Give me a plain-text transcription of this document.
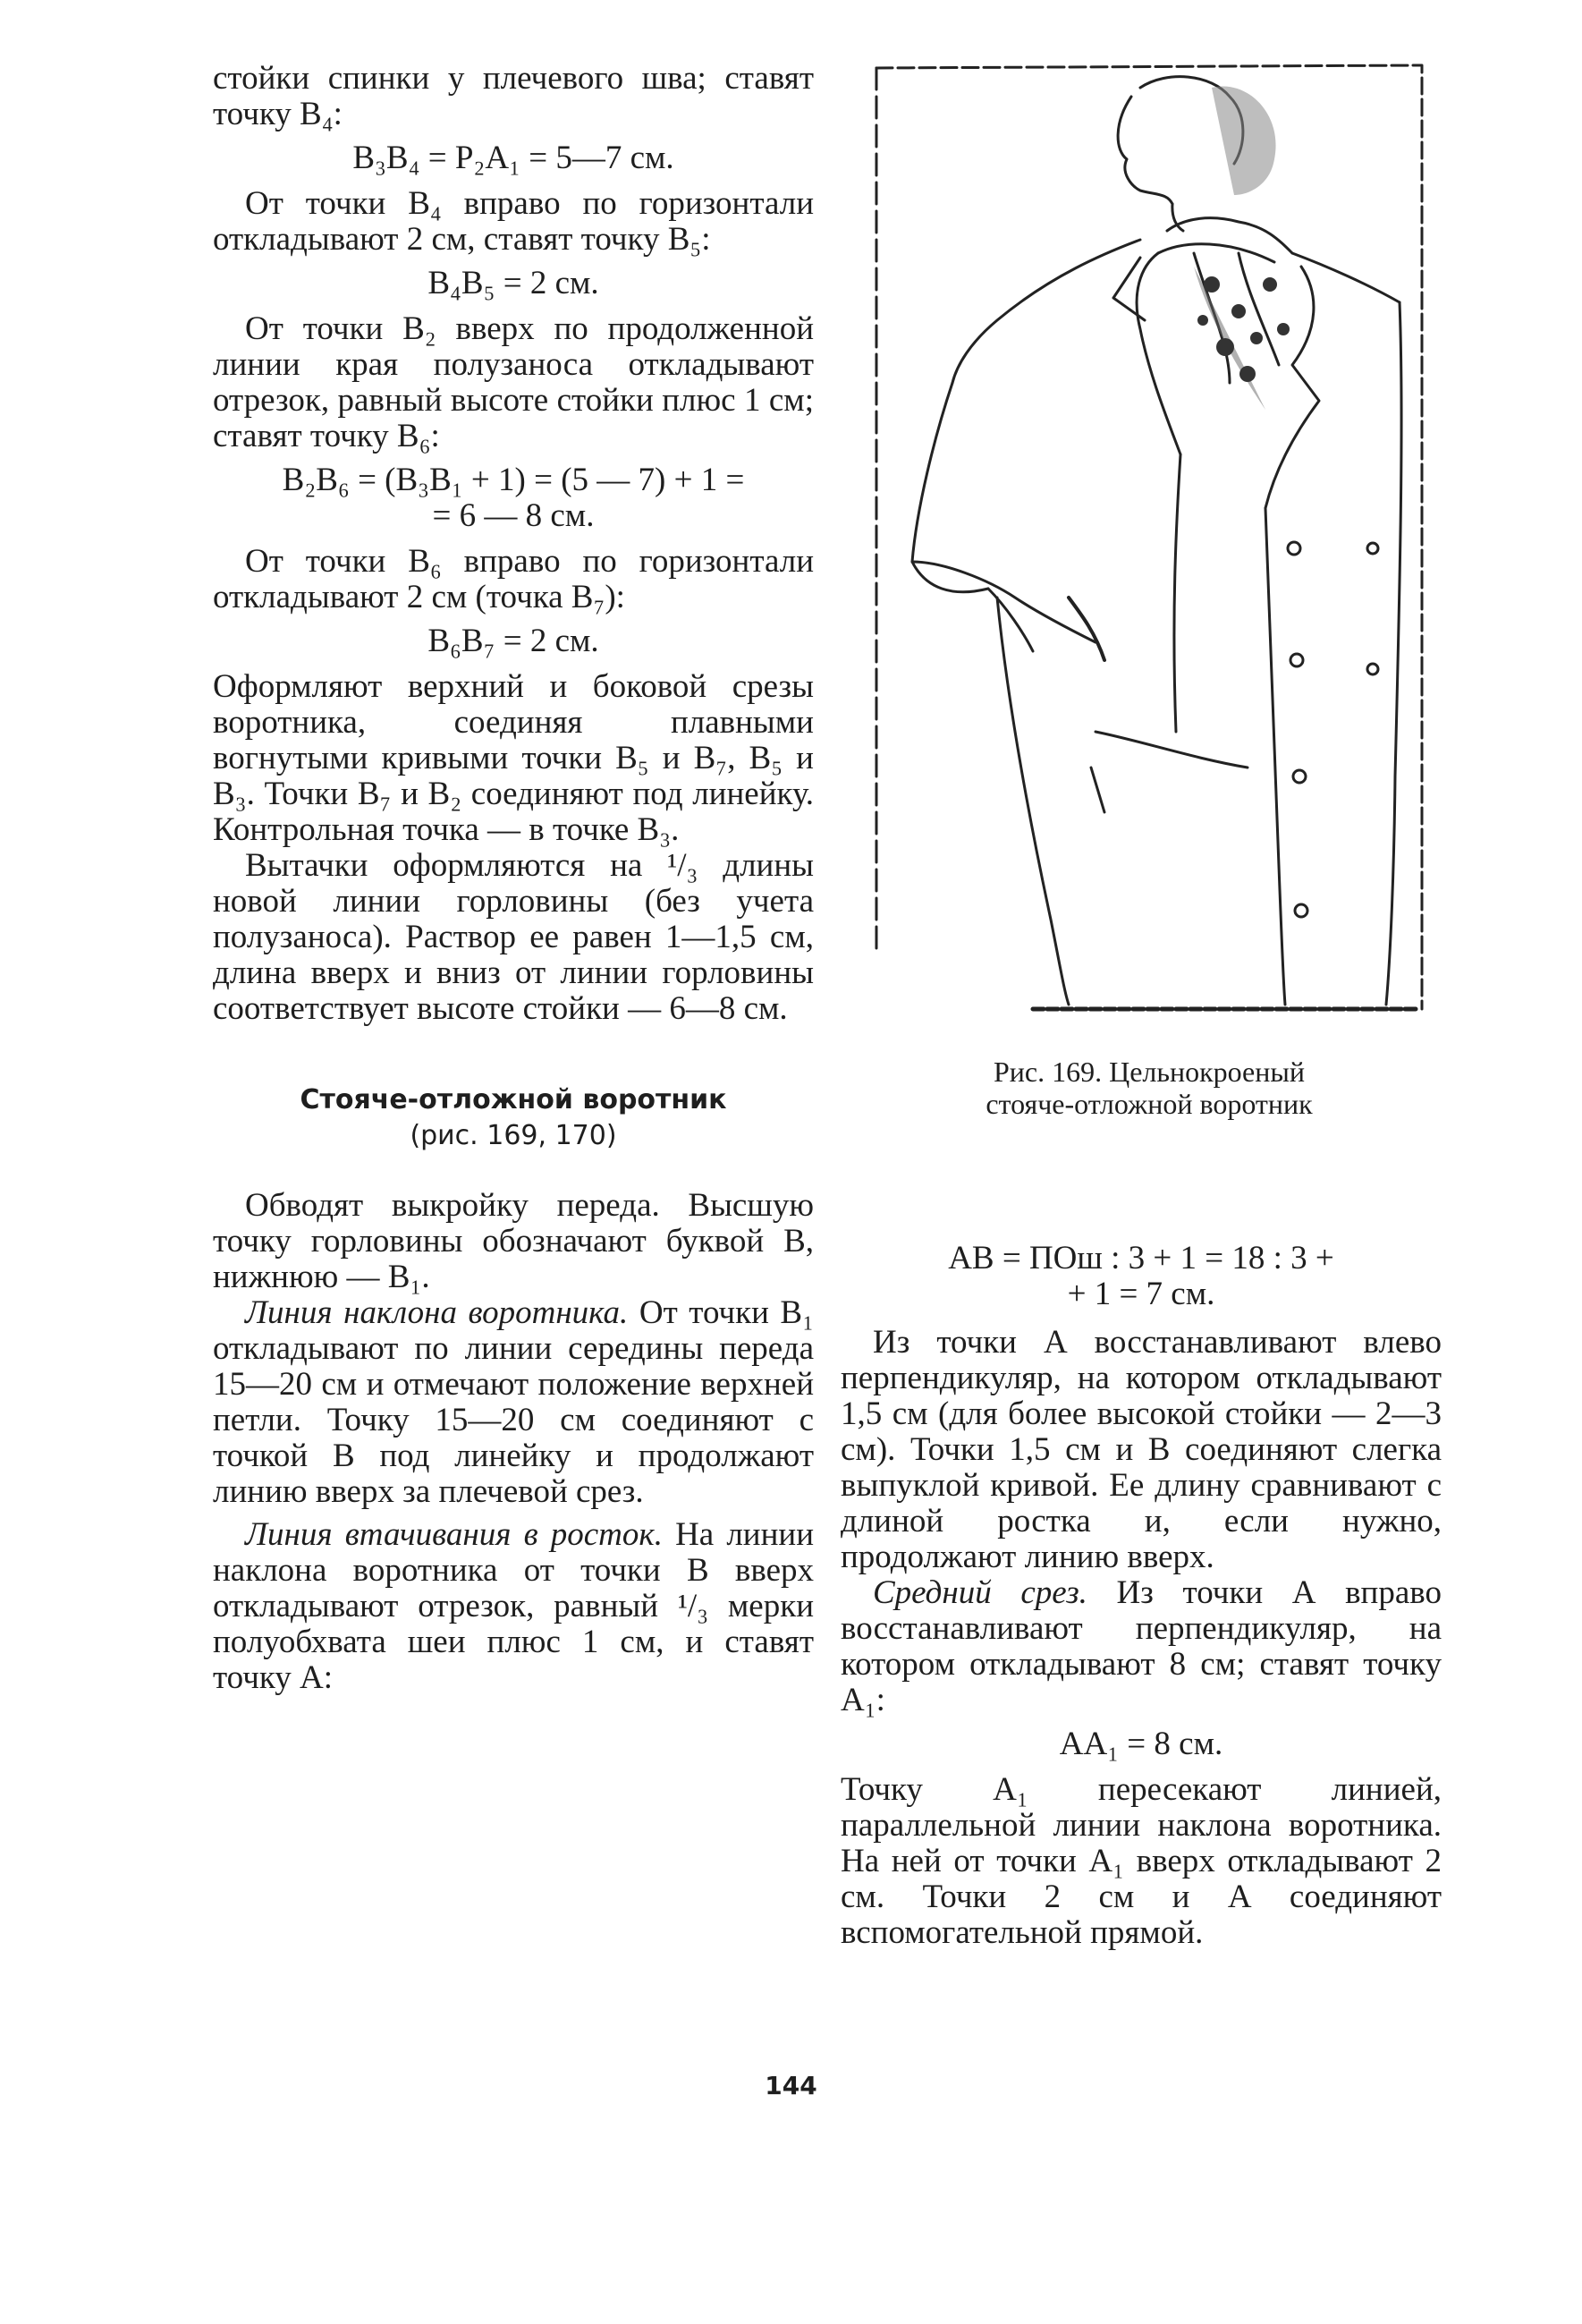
стойки спинки у плечевого шва; ставят точку В₄:

В₃В₄ = Р₂А₁ = 5—7 см.

От точки В₄ вправо по горизонтали откладывают 2 см, ставят точку В₅:

В₄В₅ = 2 см.

От точки В₂ вверх по продолженной линии края полузаноса откладывают отрезок, равный высоте стойки плюс 1 см; ставят точку В₆:

В₂В₆ = (В₃В₁ + 1) = (5 — 7) + 1 =
= 6 — 8 см.

От точки В₆ вправо по горизонтали откладывают 2 см (точка В₇):

В₆В₇ = 2 см.

Оформляют верхний и боковой срезы воротника, соединяя плавными вогнутыми кривыми точки В₅ и В₇, В₅ и В₃. Точки В₇ и В₂ соединяют под линейку. Контрольная точка — в точке В₃.

Вытачки оформляются на ¹/₃ длины новой линии горловины (без учета полузаноса). Раствор ее равен 1—1,5 см, длина вверх и вниз от линии горловины соответствует высоте стойки — 6—8 см.

Стояче-отложной воротник
(рис. 169, 170)

Обводят выкройку переда. Высшую точку горловины обозначают буквой В, нижнюю — В₁.

Линия наклона воротника. От точки В₁ откладывают по линии середины переда 15—20 см и отмечают положение верхней петли. Точку 15—20 см соединяют с точкой В под линейку и продолжают линию вверх за плечевой срез.

Линия втачивания в росток. На линии наклона воротника от точки В вверх откладывают отрезок, равный ¹/₃ мерки полуобхвата шеи плюс 1 см, и ставят точку А:

Рис. 169. Цельнокроеный
стояче-отложной воротник
АВ = ПОш : 3 + 1 = 18 : 3 +
+ 1 = 7 см.

Из точки А восстанавливают влево перпендикуляр, на котором откладывают 1,5 см (для более высокой стойки — 2—3 см). Точки 1,5 см и В соединяют слегка выпуклой кривой. Ее длину сравнивают с длиной ростка и, если нужно, продолжают линию вверх.

Средний срез. Из точки А вправо восстанавливают перпендикуляр, на котором откладывают 8 см; ставят точку А₁:

АА₁ = 8 см.

Точку А₁ пересекают линией, параллельной линии наклона воротника. На ней от точки А₁ вверх откладывают 2 см. Точки 2 см и А соединяют вспомогательной прямой.

144
